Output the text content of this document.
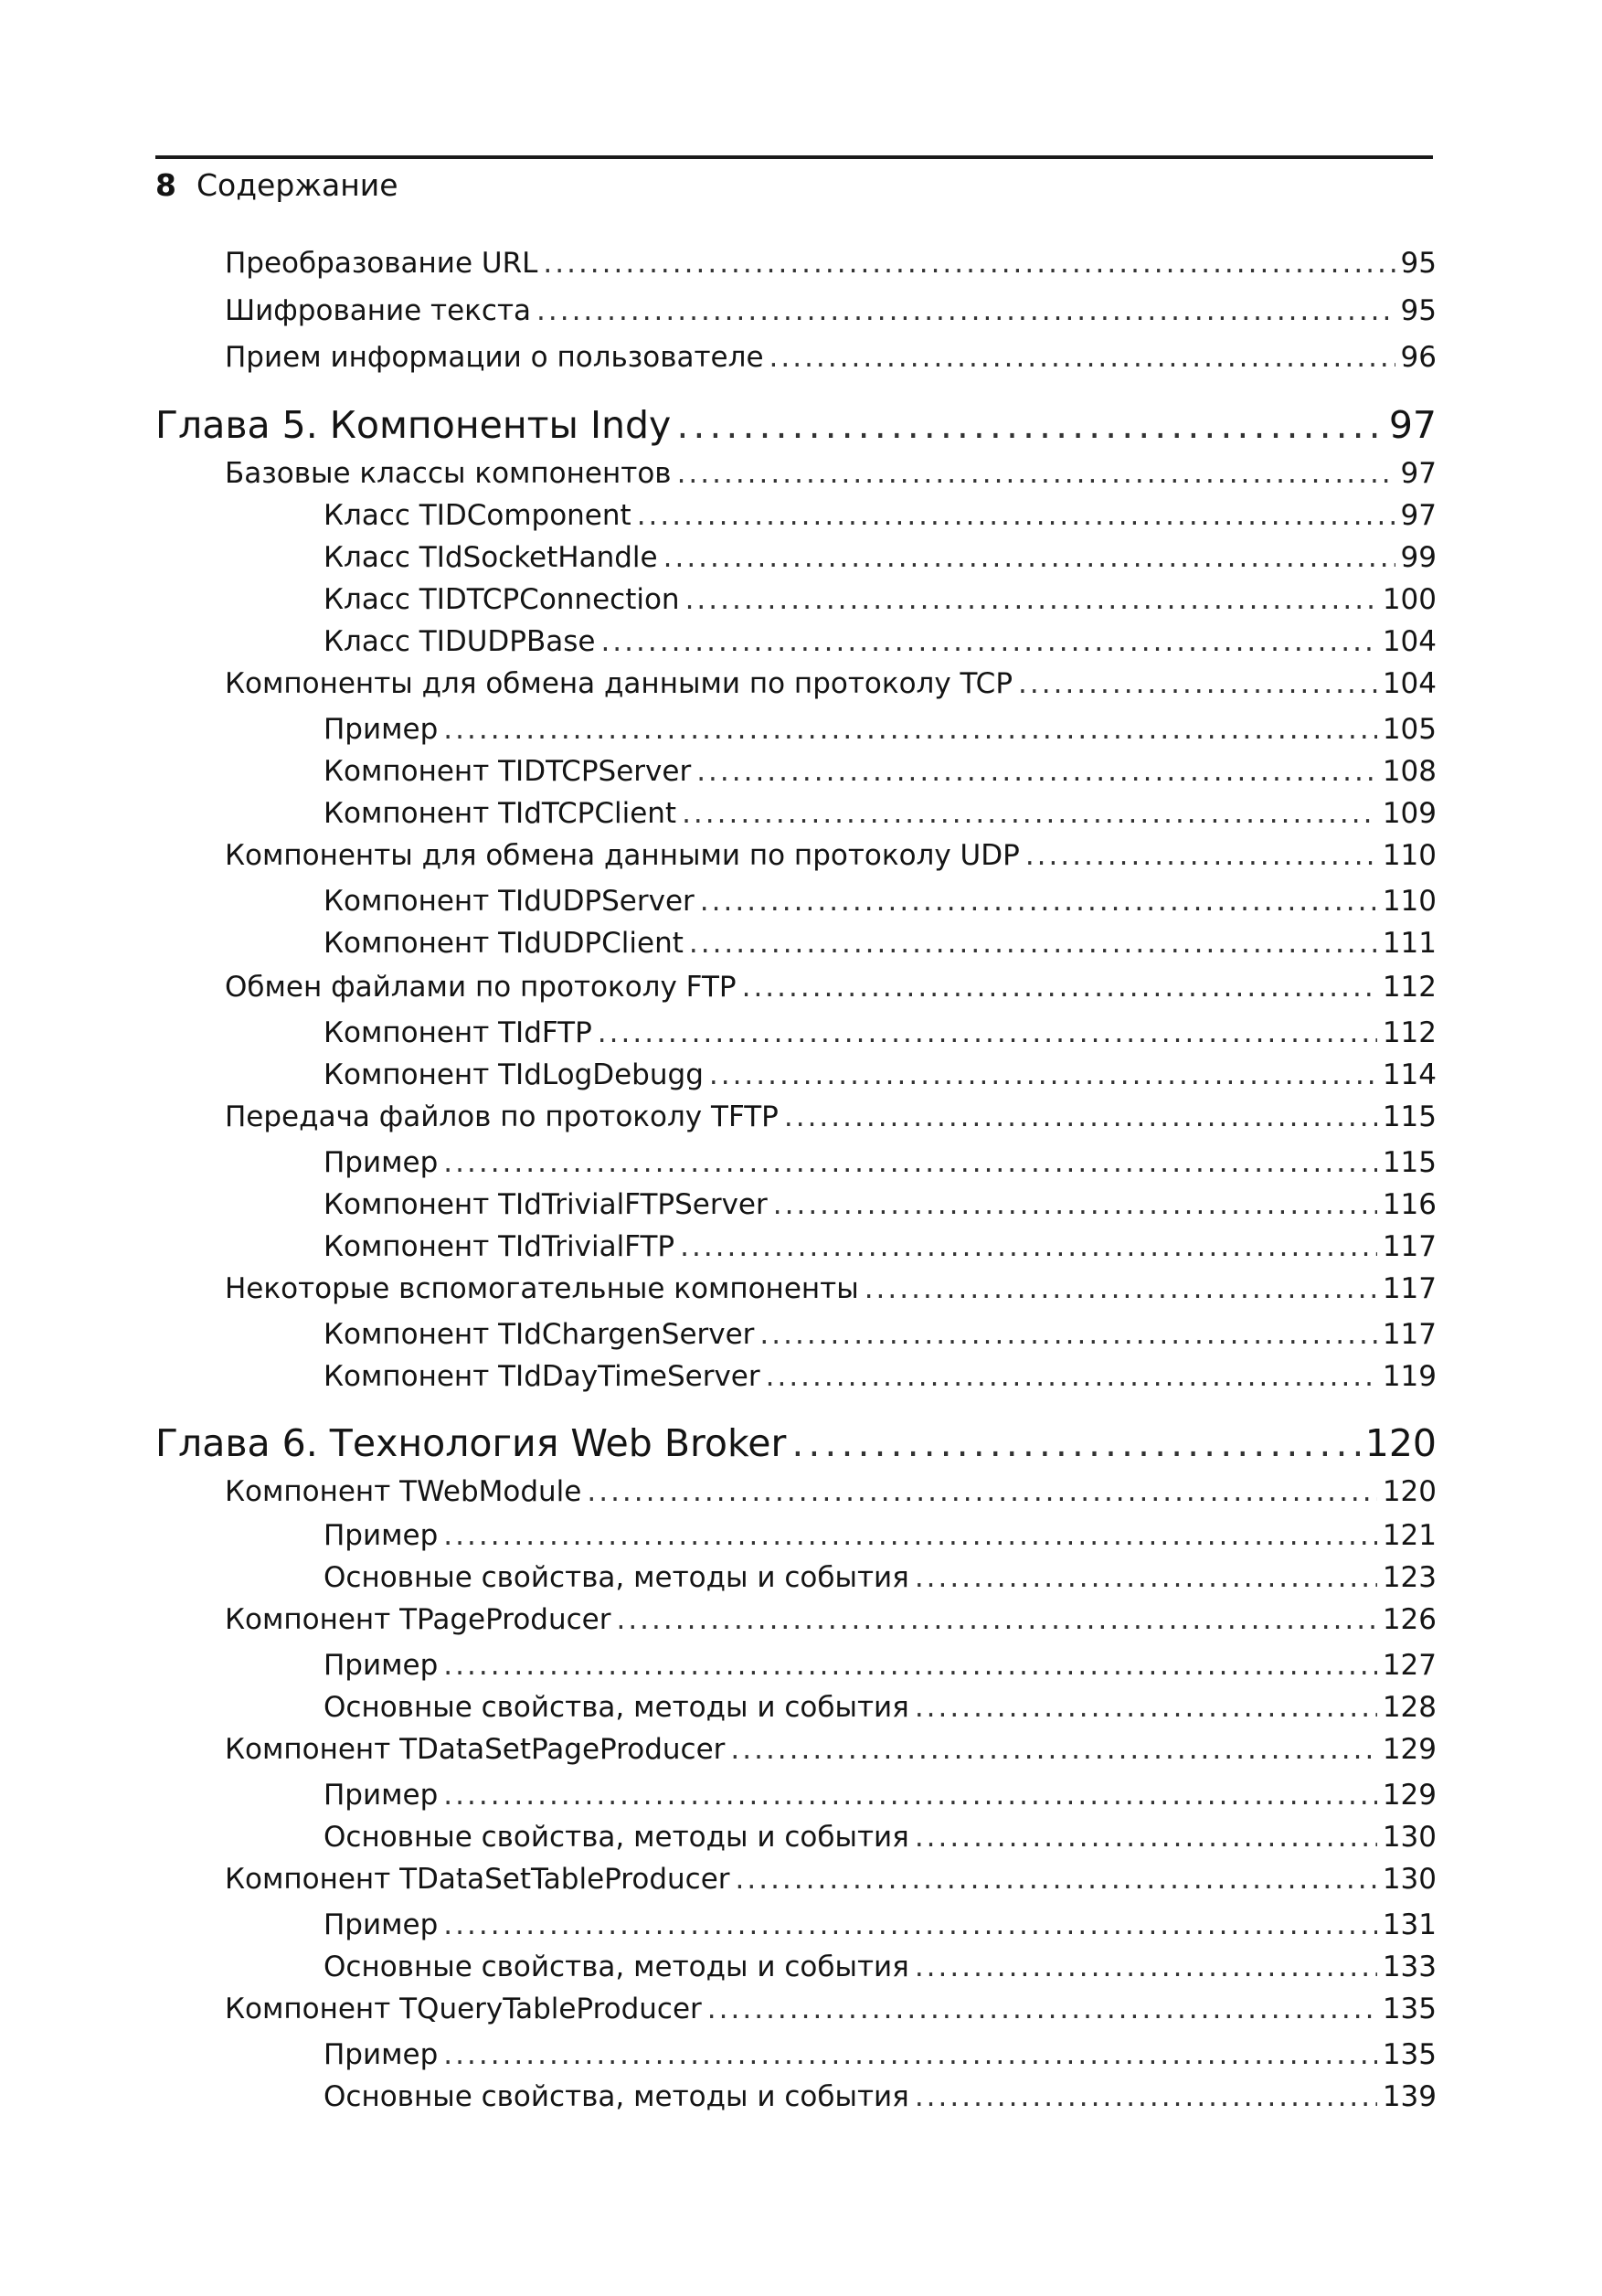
8 Содержание
Преобразование URL .....	95
Шифрование текста .....	95
Прием информации о пользователе .....	96
Глава 5. Компоненты Indy .....	97
Базовые классы компонентов .....	97
Класс TIDComponent .....	97
Класс TIdSocketHandle .....	99
Класс TIDTCPConnection .....	100
Класс TIDUDPBase .....	104
Компоненты для обмена данными по протоколу TCP .....	104
Пример .....	105
Компонент TIDTCPServer .....	108
Компонент TIdTCPClient .....	109
Компоненты для обмена данными по протоколу UDP .....	110
Компонент TIdUDPServer .....	110
Компонент TIdUDPClient .....	111
Обмен файлами по протоколу FTP .....	112
Компонент TIdFTP .....	112
Компонент TIdLogDebugg .....	114
Передача файлов по протоколу TFTP .....	115
Пример .....	115
Компонент TIdTrivialFTPServer .....	116
Компонент TIdTrivialFTP .....	117
Некоторые вспомогательные компоненты .....	117
Компонент TIdChargenServer .....	117
Компонент TIdDayTimeServer .....	119
Глава 6. Технология Web Broker .....	120
Компонент TWebModule .....	120
Пример .....	121
Основные свойства, методы и события .....	123
Компонент TPageProducer .....	126
Пример .....	127
Основные свойства, методы и события .....	128
Компонент TDataSetPageProducer .....	129
Пример .....	129
Основные свойства, методы и события .....	130
Компонент TDataSetTableProducer .....	130
Пример .....	131
Основные свойства, методы и события .....	133
Компонент TQueryTableProducer .....	135
Пример .....	135
Основные свойства, методы и события .....	139
